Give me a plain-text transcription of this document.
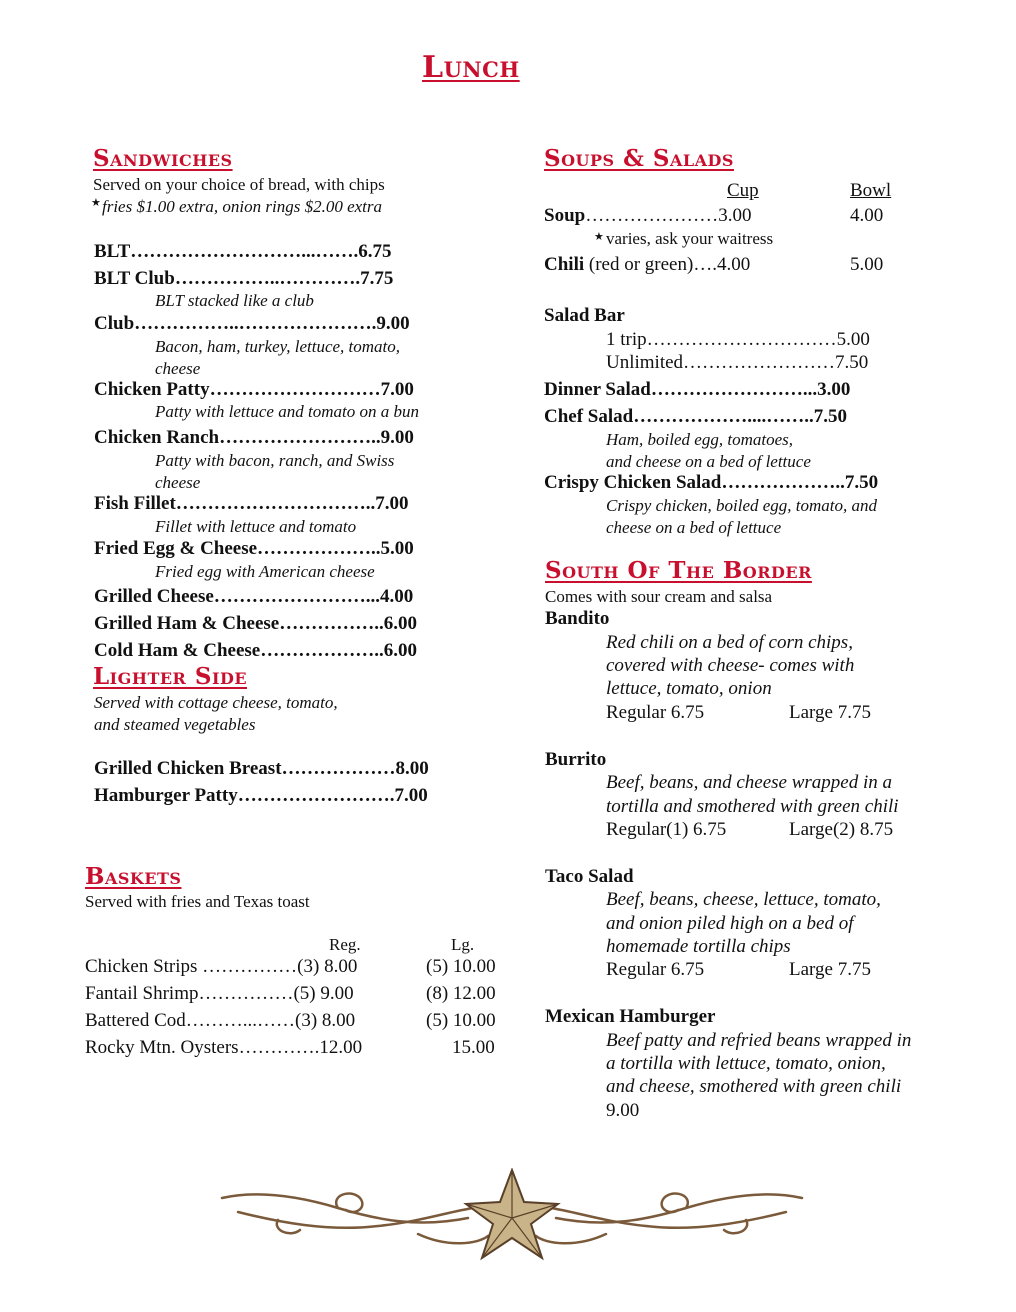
Lunch
Sandwiches
Served on your choice of bread, with chips
★ fries $1.00 extra, onion rings $2.00 extra
BLT………………………...…….6.75
BLT Club……………..………….7.75
BLT stacked like a club
Club……………..………………….9.00
Bacon, ham, turkey, lettuce, tomato,
cheese
Chicken Patty………………………7.00
Patty with lettuce and tomato on a bun
Chicken Ranch……………………..9.00
Patty with bacon, ranch, and Swiss
cheese
Fish Fillet…………………………..7.00
Fillet with lettuce and tomato
Fried Egg & Cheese………………..5.00
Fried egg with American cheese
Grilled Cheese……………………...4.00
Grilled Ham & Cheese……………..6.00
Cold Ham & Cheese………………..6.00
Lighter Side
Served with cottage cheese, tomato,
and steamed vegetables
Grilled Chicken Breast………………8.00
Hamburger Patty…………………….7.00
Baskets
Served with fries and Texas toast
Reg.	Lg.
Chicken Strips ……………(3) 8.00	(5) 10.00
Fantail Shrimp……………(5) 9.00	(8) 12.00
Battered Cod………...……(3) 8.00	(5) 10.00
Rocky Mtn. Oysters………….12.00	15.00
Soups & Salads
Cup	Bowl
Soup…………………3.00	4.00
★ varies, ask your waitress
Chili (red or green)….4.00	5.00
Salad Bar
1 trip…………………………5.00
Unlimited……………………7.50
Dinner Salad……………………...3.00
Chef Salad………………....……..7.50
Ham, boiled egg, tomatoes,
and cheese on a bed of lettuce
Crispy Chicken Salad………………..7.50
Crispy chicken, boiled egg, tomato, and
cheese on a bed of lettuce
South Of The Border
Comes with sour cream and salsa
Bandito
Red chili on a bed of corn chips,
covered with cheese- comes with
lettuce, tomato, onion
Regular 6.75	Large 7.75
Burrito
Beef, beans, and cheese wrapped in a
tortilla and smothered with green chili
Regular(1) 6.75	Large(2) 8.75
Taco Salad
Beef, beans, cheese, lettuce, tomato,
and onion piled high on a bed of
homemade tortilla chips
Regular 6.75	Large 7.75
Mexican Hamburger
Beef patty and refried beans wrapped in
a tortilla with lettuce, tomato, onion,
and cheese, smothered with green chili
9.00
